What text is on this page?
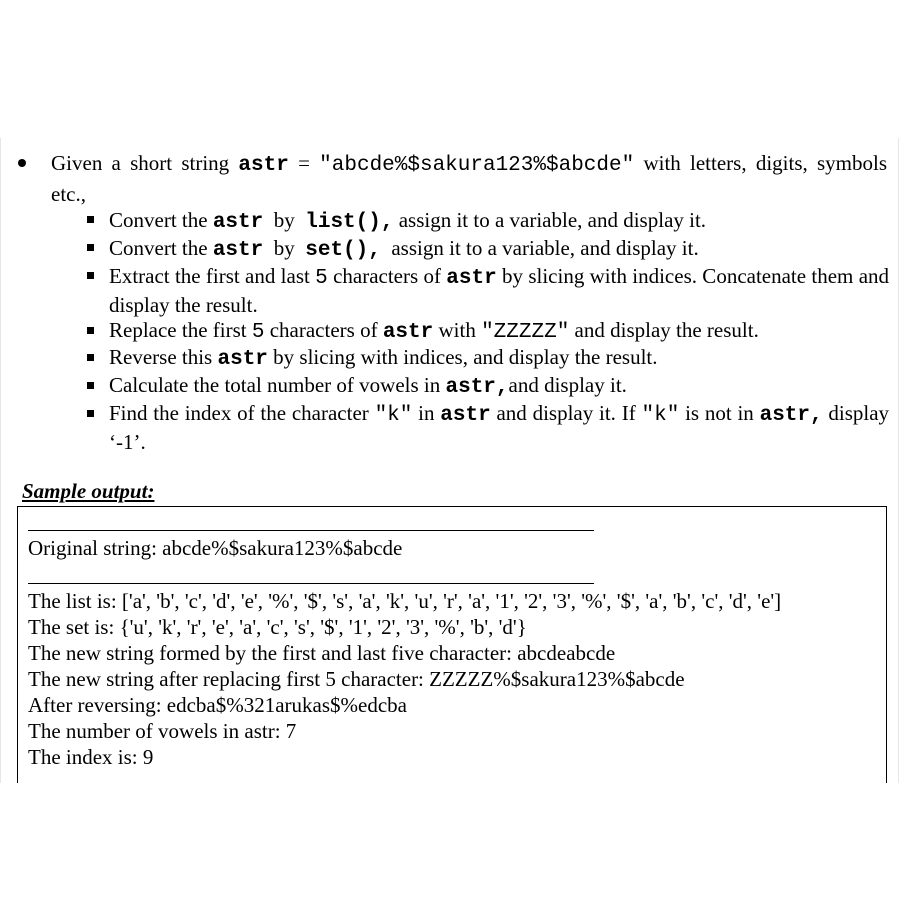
Given a short string astr = "abcde%$sakura123%$abcde" with letters, digits, symbols etc.,
Convert the astr by list(), assign it to a variable, and display it.
Convert the astr by set(), assign it to a variable, and display it.
Extract the first and last 5 characters of astr by slicing with indices. Concatenate them and display the result.
Replace the first 5 characters of astr with "ZZZZZ" and display the result.
Reverse this astr by slicing with indices, and display the result.
Calculate the total number of vowels in astr,and display it.
Find the index of the character "k" in astr and display it. If "k" is not in astr, display ‘-1’.
Sample output:
Original string: abcde%$sakura123%$abcde
The list is: ['a', 'b', 'c', 'd', 'e', '%', '$', 's', 'a', 'k', 'u', 'r', 'a', '1', '2', '3', '%', '$', 'a', 'b', 'c', 'd', 'e']
The set is: {'u', 'k', 'r', 'e', 'a', 'c', 's', '$', '1', '2', '3', '%', 'b', 'd'}
The new string formed by the first and last five character: abcdeabcde
The new string after replacing first 5 character: ZZZZZ%$sakura123%$abcde
After reversing: edcba$%321arukas$%edcba
The number of vowels in astr: 7
The index is: 9
